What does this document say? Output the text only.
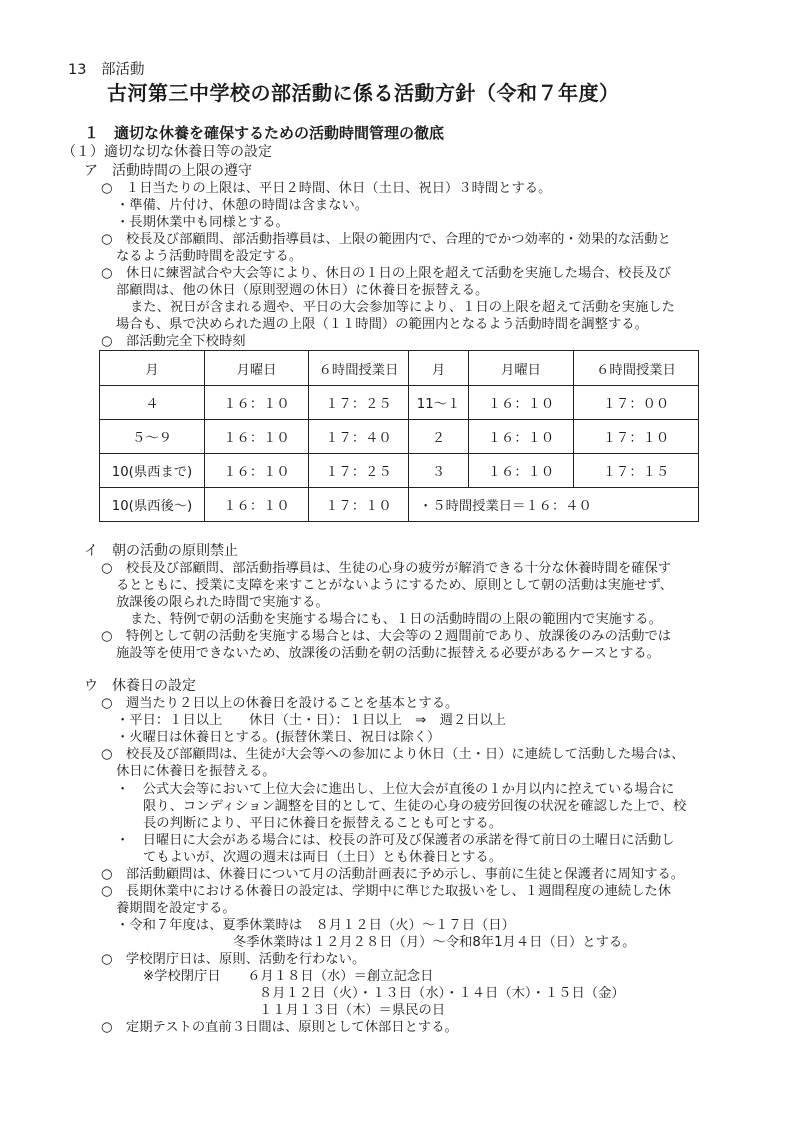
13　部活動
古河第三中学校の部活動に係る活動方針（令和７年度）
１　適切な休養を確保するための活動時間管理の徹底
（１）適切な切な休養日等の設定
ア　活動時間の上限の遵守
○　１日当たりの上限は、平日２時間、休日（土日、祝日）３時間とする。
・準備、片付け、休憩の時間は含まない。
・長期休業中も同様とする。
○　校長及び部顧問、部活動指導員は、上限の範囲内で、合理的でかつ効率的・効果的な活動と
なるよう活動時間を設定する。
○　休日に練習試合や大会等により、休日の１日の上限を超えて活動を実施した場合、校長及び
部顧問は、他の休日（原則翌週の休日）に休養日を振替える。
また、祝日が含まれる週や、平日の大会参加等により、１日の上限を超えて活動を実施した
場合も、県で決められた週の上限（１１時間）の範囲内となるよう活動時間を調整する。
○　部活動完全下校時刻
月	月曜日	６時間授業日	月	月曜日	６時間授業日
４	１６：１０	１７：２５	11～１	１６：１０	１７：００
５～９	１６：１０	１７：４０	２	１６：１０	１７：１０
10(県西まで)	１６：１０	１７：２５	３	１６：１０	１７：１５
10(県西後～)	１６：１０	１７：１０	・５時間授業日＝１６：４０		
イ　朝の活動の原則禁止
○　校長及び部顧問、部活動指導員は、生徒の心身の疲労が解消できる十分な休養時間を確保す
るとともに、授業に支障を来すことがないようにするため、原則として朝の活動は実施せず、
放課後の限られた時間で実施する。
また、特例で朝の活動を実施する場合にも、１日の活動時間の上限の範囲内で実施する。
○　特例として朝の活動を実施する場合とは、大会等の２週間前であり、放課後のみの活動では
施設等を使用できないため、放課後の活動を朝の活動に振替える必要があるケースとする。
ウ　休養日の設定
○　週当たり２日以上の休養日を設けることを基本とする。
・平日：１日以上　　休日（土・日）：１日以上　⇒　週２日以上
・火曜日は休養日とする。(振替休業日、祝日は除く）
○　校長及び部顧問は、生徒が大会等への参加により休日（土・日）に連続して活動した場合は、
休日に休養日を振替える。
・　公式大会等において上位大会に進出し、上位大会が直後の１か月以内に控えている場合に
限り、コンディション調整を目的として、生徒の心身の疲労回復の状況を確認した上で、校
長の判断により、平日に休養日を振替えることも可とする。
・　日曜日に大会がある場合には、校長の許可及び保護者の承諾を得て前日の土曜日に活動し
てもよいが、次週の週末は両日（土日）とも休養日とする。
○　部活動顧問は、休養日について月の活動計画表に予め示し、事前に生徒と保護者に周知する。
○　長期休業中における休養日の設定は、学期中に準じた取扱いをし、１週間程度の連続した休
養期間を設定する。
・令和７年度は、夏季休業時は　８月１２日（火）～１７日（日）
冬季休業時は１２月２８日（月）～令和8年1月４日（日）とする。
○　学校閉庁日は、原則、活動を行わない。
※学校閉庁日　　６月１８日（水）＝創立記念日
８月１２日（火）・１３日（水）・１４日（木）・１５日（金）
１１月１３日（木）＝県民の日
○　定期テストの直前３日間は、原則として休部日とする。
